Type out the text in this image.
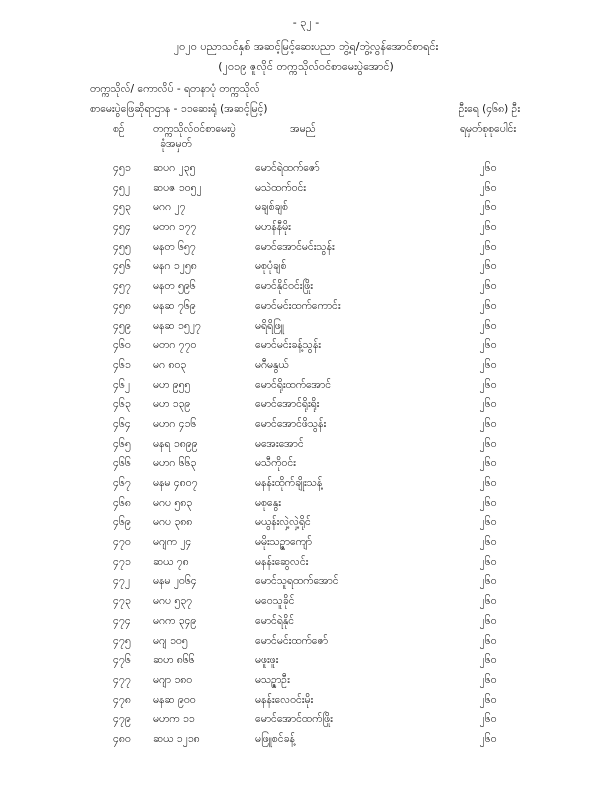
- ၃၂ -
၂၀၂၀ ပညာသင်နှစ် အဆင့်မြင့်ဆေးပညာ ဘွဲ့ရ/ဘွဲ့လွန်အောင်စာရင်း
(၂၀၁၉ ဇူလိုင် တက္ကသိုလ်ဝင်စာမေးပွဲအောင်)
တက္ကသိုလ်/ ကောလိပ် - ရတနာပုံ တက္ကသိုလ်
စာမေးပွဲဖြေဆိုရာဌာန - ၁၁ဆေးရုံ (အဆင့်မြင့်)	ဦးရေ (၄၆၈) ဦး
စဉ်	တက္ကသိုလ်ဝင်စာမေးပွဲ
ခုံအမှတ်
အမည်	ရမှတ်စုစုပေါင်း
၄၅၁ ဆပဂ ၂၃၅	မောင်ရဲထက်ဇော်	၂၆၀
၄၅၂ ဆပဇ ၁၀၅၂	မသဲထက်ဝင်း	၂၆၀
၄၅၃ မဂဂ ၂၇	မချစ်ချစ်	၂၆၀
၄၅၄ မတဂ ၁၇၇	မဟန်နီမိုး	၂၆၀
၄၅၅ မနတ ၆၅၇	မောင်အောင်မင်းသွန်း	၂၆၀
၄၅၆ မနဂ ၁၂၅၈	မစုပုံချစ်	၂၆၀
၄၅၇ မနတ ၅၉၆	မောင်နိုင်ဝင်းဖြိုး	၂၆၀
၄၅၈ မနဆ ၇၆၉	မောင်မင်းထက်ကောင်း	၂၆၀
၄၅၉ မနဆ ၁၅၂၇	မရိရိဖြူ	၂၆၀
၄၆၀ မတဂ ၇၇၀	မောင်မင်းခန့်သွန်း	၂၆၀
၄၆၁ မဂ ၈၀၃	မဂီမနွယ်	၂၆၀
၄၆၂ မဟ ၉၅၅	မောင်ရိုးထက်အောင်	၂၆၀
၄၆၃ မဟ ၁၃၉	မောင်အောင်ရိုးရိုး	၂၆၀
၄၆၄ မဟဂ ၄၁၆	မောင်အောင်ဖိသွန်း	၂၆၀
၄၆၅ မနရ ၁၈၉၉	မအေးအောင်	၂၆၀
၄၆၆ မဟဂ ၆၆၃	မသီကိုဝင်း	၂၆၀
၄၆၇ မနမ ၄၈၀၇	မနန်းထိုက်ချိုးသန့်	၂၆၀
၄၆၈ မဂပ ၅၈၃	မစုနွေး	၂၆၀
၄၆၉ မဂပ ၃၈၈	မယွန်းလှဲ့လှဲ့ရိုင်	၂၆၀
၄၇၀ မဂျက ၂၄	မမိုးသဉ္ဇာကျော်	၂၆၀
၄၇၁ ဆယ ၇၈	မနန်းဆွေလင်း	၂၆၀
၄၇၂ မနမ ၂၀၆၄	မောင်သူရထက်အောင်	၂၆၀
၄၇၃ မဂပ ၅၃၇	မဝေသူခိုင်	၂၆၀
၄၇၄ မဂက ၃၄၉	မောင်ရဲနိုင်	၂၆၀
၄၇၅ မဂျ ၁၀၅	မောင်မင်းထက်ဇော်	၂၆၀
၄၇၆ ဆဟ ၈၆၆	မဖူးဖူး	၂၆၀
၄၇၇ မဂျာ ၁၈၀	မသဉ္ဇာဦး	၂၆၀
၄၇၈ မနဆ ၉၀၀	မနန်းလေဝင်းမိုး	၂၆၀
၄၇၉ မဟက ၁၁	မောင်အောင်ထက်ဖြိုး	၂၆၀
၄၈၀ ဆယ ၁၂၁၈	မဖြူစင်ခန့်	၂၆၀
